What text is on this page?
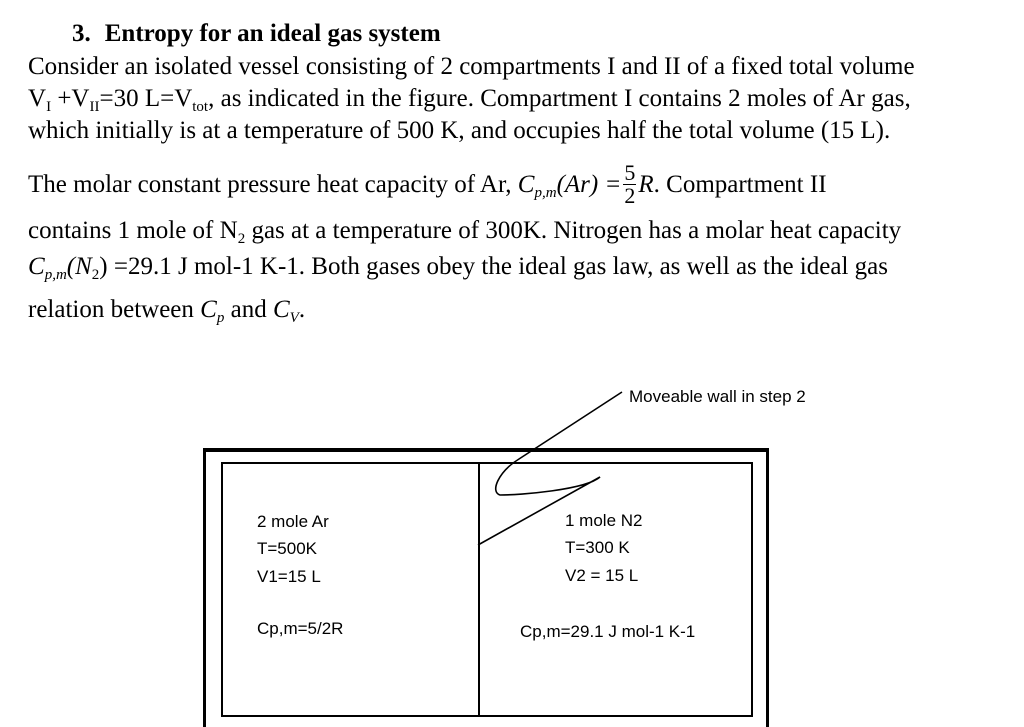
3. Entropy for an ideal gas system
Consider an isolated vessel consisting of 2 compartments I and II of a fixed total volume
$V_I +V_{II}=30$ $L=V_{tot}$, as indicated in the figure. Compartment I contains 2 moles of Ar gas,
which initially is at a temperature of 500 K, and occupies half the total volume (15 L).
The molar constant pressure heat capacity of Ar, $C_{p,m}(Ar) = \frac{5}{2} R$. Compartment II
contains 1 mole of $N_2$ gas at a temperature of 300K. Nitrogen has a molar heat capacity
$C_{p,m}(N_2) =29.1$ J mol-1 K-1. Both gases obey the ideal gas law, as well as the ideal gas
relation between $C_p$ and $C_V$.
Moveable wall in step 2
2 mole Ar
T=500K
V1=15 L
Cp,m=5/2R
1 mole N2
T=300 K
V2 = 15 L
Cp,m=29.1 J mol-1 K-1
